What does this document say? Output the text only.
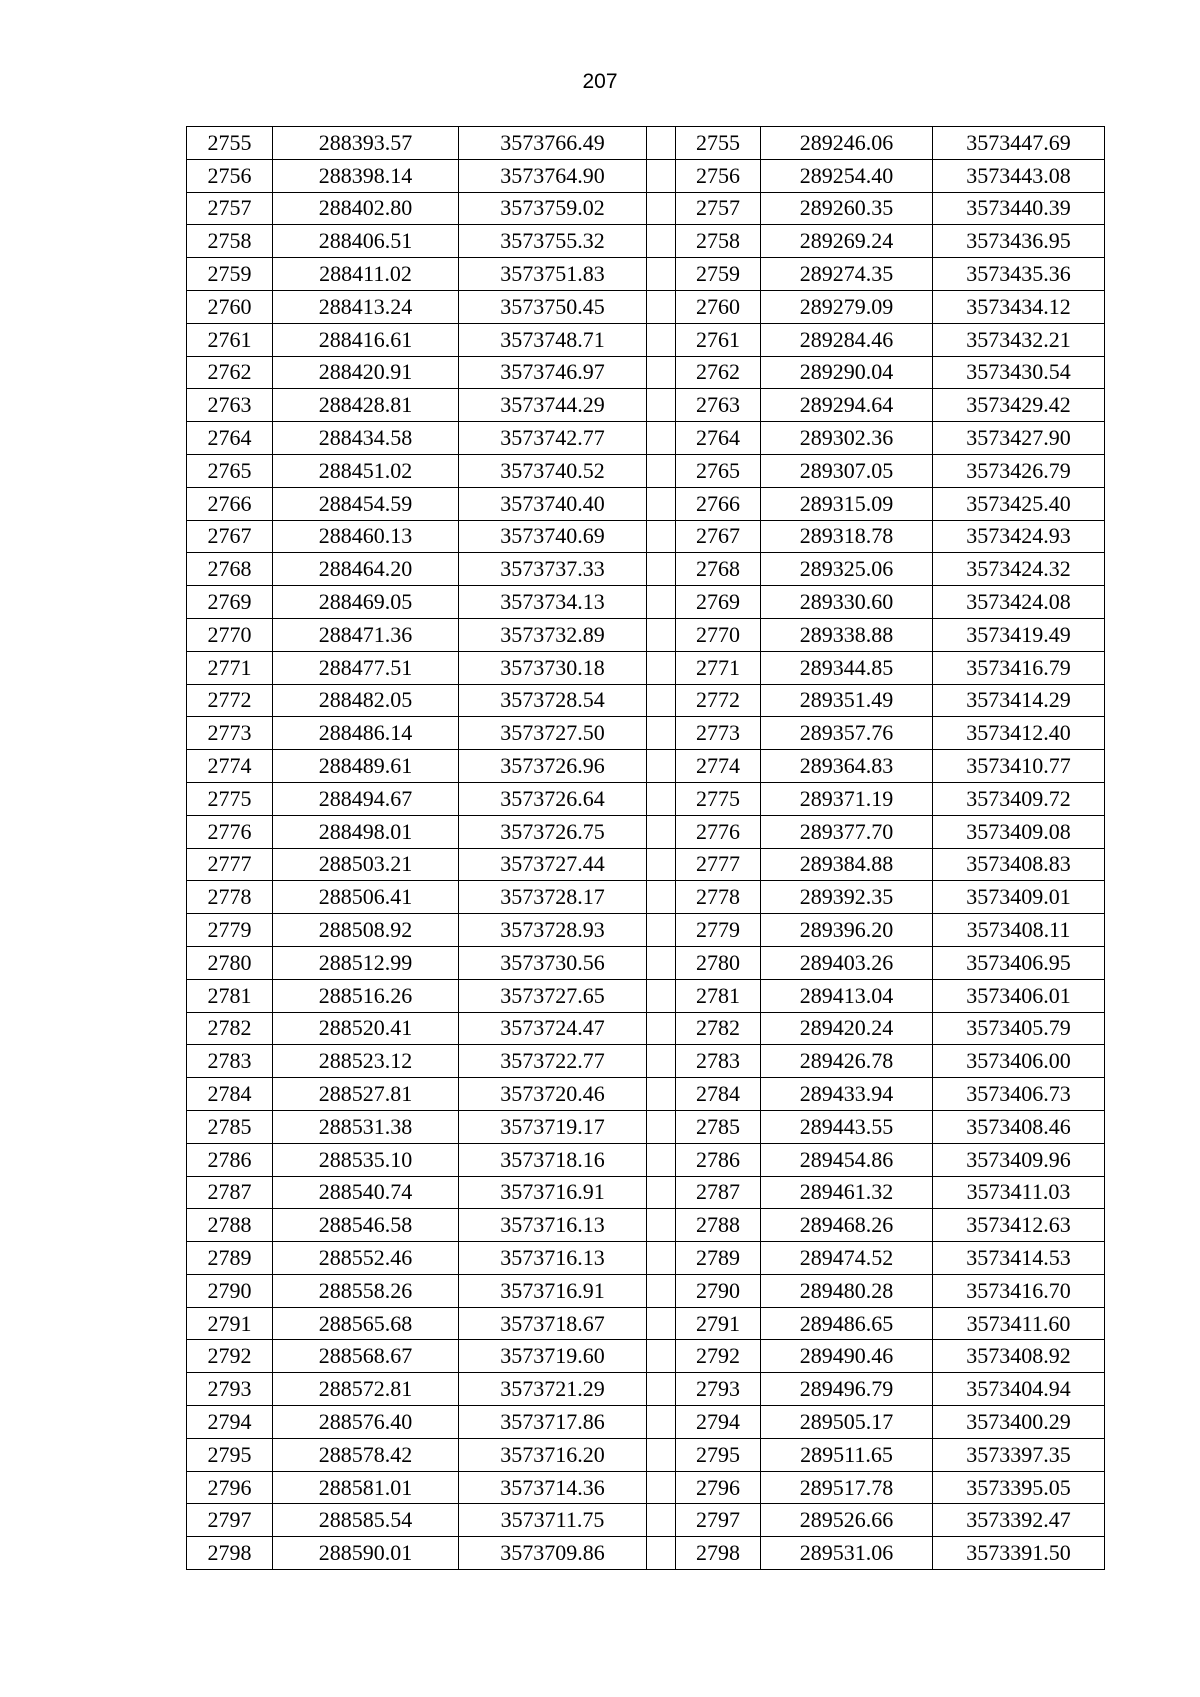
207
2755	288393.57	3573766.49		2755	289246.06	3573447.69
2756	288398.14	3573764.90		2756	289254.40	3573443.08
2757	288402.80	3573759.02		2757	289260.35	3573440.39
2758	288406.51	3573755.32		2758	289269.24	3573436.95
2759	288411.02	3573751.83		2759	289274.35	3573435.36
2760	288413.24	3573750.45		2760	289279.09	3573434.12
2761	288416.61	3573748.71		2761	289284.46	3573432.21
2762	288420.91	3573746.97		2762	289290.04	3573430.54
2763	288428.81	3573744.29		2763	289294.64	3573429.42
2764	288434.58	3573742.77		2764	289302.36	3573427.90
2765	288451.02	3573740.52		2765	289307.05	3573426.79
2766	288454.59	3573740.40		2766	289315.09	3573425.40
2767	288460.13	3573740.69		2767	289318.78	3573424.93
2768	288464.20	3573737.33		2768	289325.06	3573424.32
2769	288469.05	3573734.13		2769	289330.60	3573424.08
2770	288471.36	3573732.89		2770	289338.88	3573419.49
2771	288477.51	3573730.18		2771	289344.85	3573416.79
2772	288482.05	3573728.54		2772	289351.49	3573414.29
2773	288486.14	3573727.50		2773	289357.76	3573412.40
2774	288489.61	3573726.96		2774	289364.83	3573410.77
2775	288494.67	3573726.64		2775	289371.19	3573409.72
2776	288498.01	3573726.75		2776	289377.70	3573409.08
2777	288503.21	3573727.44		2777	289384.88	3573408.83
2778	288506.41	3573728.17		2778	289392.35	3573409.01
2779	288508.92	3573728.93		2779	289396.20	3573408.11
2780	288512.99	3573730.56		2780	289403.26	3573406.95
2781	288516.26	3573727.65		2781	289413.04	3573406.01
2782	288520.41	3573724.47		2782	289420.24	3573405.79
2783	288523.12	3573722.77		2783	289426.78	3573406.00
2784	288527.81	3573720.46		2784	289433.94	3573406.73
2785	288531.38	3573719.17		2785	289443.55	3573408.46
2786	288535.10	3573718.16		2786	289454.86	3573409.96
2787	288540.74	3573716.91		2787	289461.32	3573411.03
2788	288546.58	3573716.13		2788	289468.26	3573412.63
2789	288552.46	3573716.13		2789	289474.52	3573414.53
2790	288558.26	3573716.91		2790	289480.28	3573416.70
2791	288565.68	3573718.67		2791	289486.65	3573411.60
2792	288568.67	3573719.60		2792	289490.46	3573408.92
2793	288572.81	3573721.29		2793	289496.79	3573404.94
2794	288576.40	3573717.86		2794	289505.17	3573400.29
2795	288578.42	3573716.20		2795	289511.65	3573397.35
2796	288581.01	3573714.36		2796	289517.78	3573395.05
2797	288585.54	3573711.75		2797	289526.66	3573392.47
2798	288590.01	3573709.86		2798	289531.06	3573391.50
